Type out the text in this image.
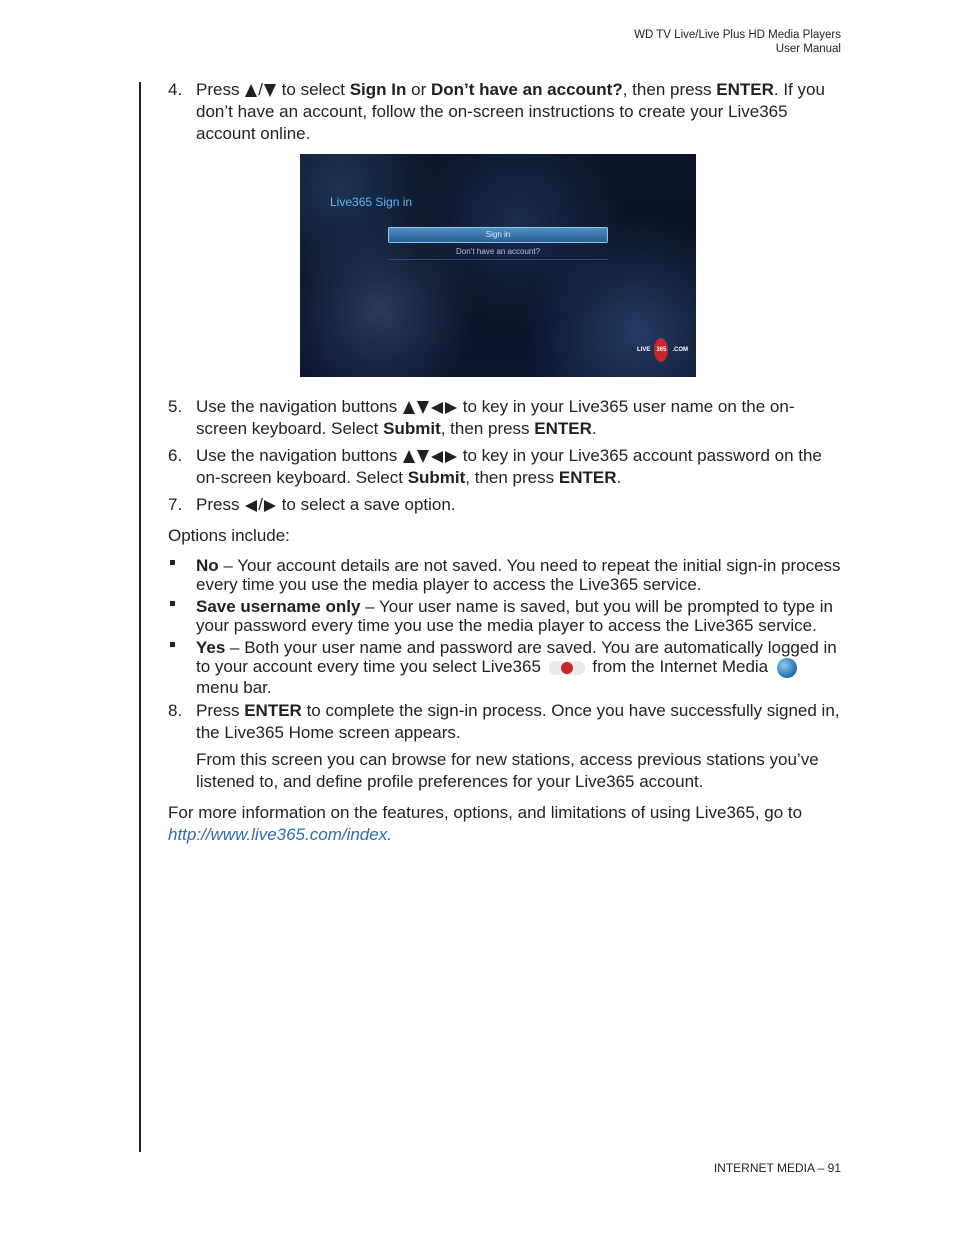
WD TV Live/Live Plus HD Media Players
User Manual
4. Press / to select Sign In or Don’t have an account?, then press ENTER. If you don’t have an account, follow the on-screen instructions to create your Live365 account online.
Live365 Sign in
Sign in
Don’t have an account?
LIVE 365 .COM
5. Use the navigation buttons	to key in your Live365 user name on the on-screen keyboard. Select Submit, then press ENTER.
6. Use the navigation buttons	to key in your Live365 account password on the on-screen keyboard. Select Submit, then press ENTER.
7. Press / to select a save option.
Options include:
No – Your account details are not saved. You need to repeat the initial sign-in process every time you use the media player to access the Live365 service.
Save username only – Your user name is saved, but you will be prompted to type in your password every time you use the media player to access the Live365 service.
Yes – Both your user name and password are saved. You are automatically logged in to your account every time you select Live365	from the Internet Media  menu bar.
8. Press ENTER to complete the sign-in process. Once you have successfully signed in, the Live365 Home screen appears.
From this screen you can browse for new stations, access previous stations you’ve listened to, and define profile preferences for your Live365 account.
For more information on the features, options, and limitations of using Live365, go to http://www.live365.com/index.
INTERNET MEDIA – 91
